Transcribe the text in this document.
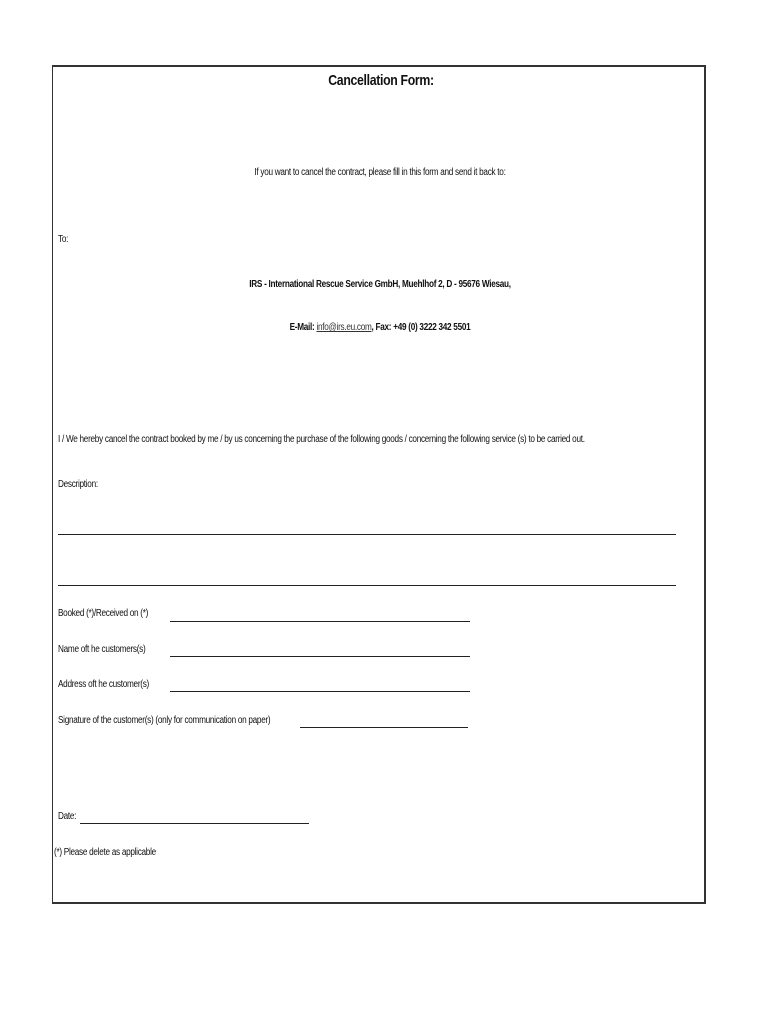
Cancellation Form:
If you want to cancel the contract, please fill in this form and send it back to:
To:
IRS - International Rescue Service GmbH, Muehlhof 2, D - 95676 Wiesau,
E-Mail: info@irs.eu.com, Fax: +49 (0) 3222 342 5501
I / We hereby cancel the contract booked by me / by us concerning the purchase of the following goods / concerning the following service (s) to be carried out.
Description:
Booked (*)/Received on (*)
Name oft he customers(s)
Address oft he customer(s)
Signature of the customer(s) (only for communication on paper)
Date:
(*) Please delete as applicable
